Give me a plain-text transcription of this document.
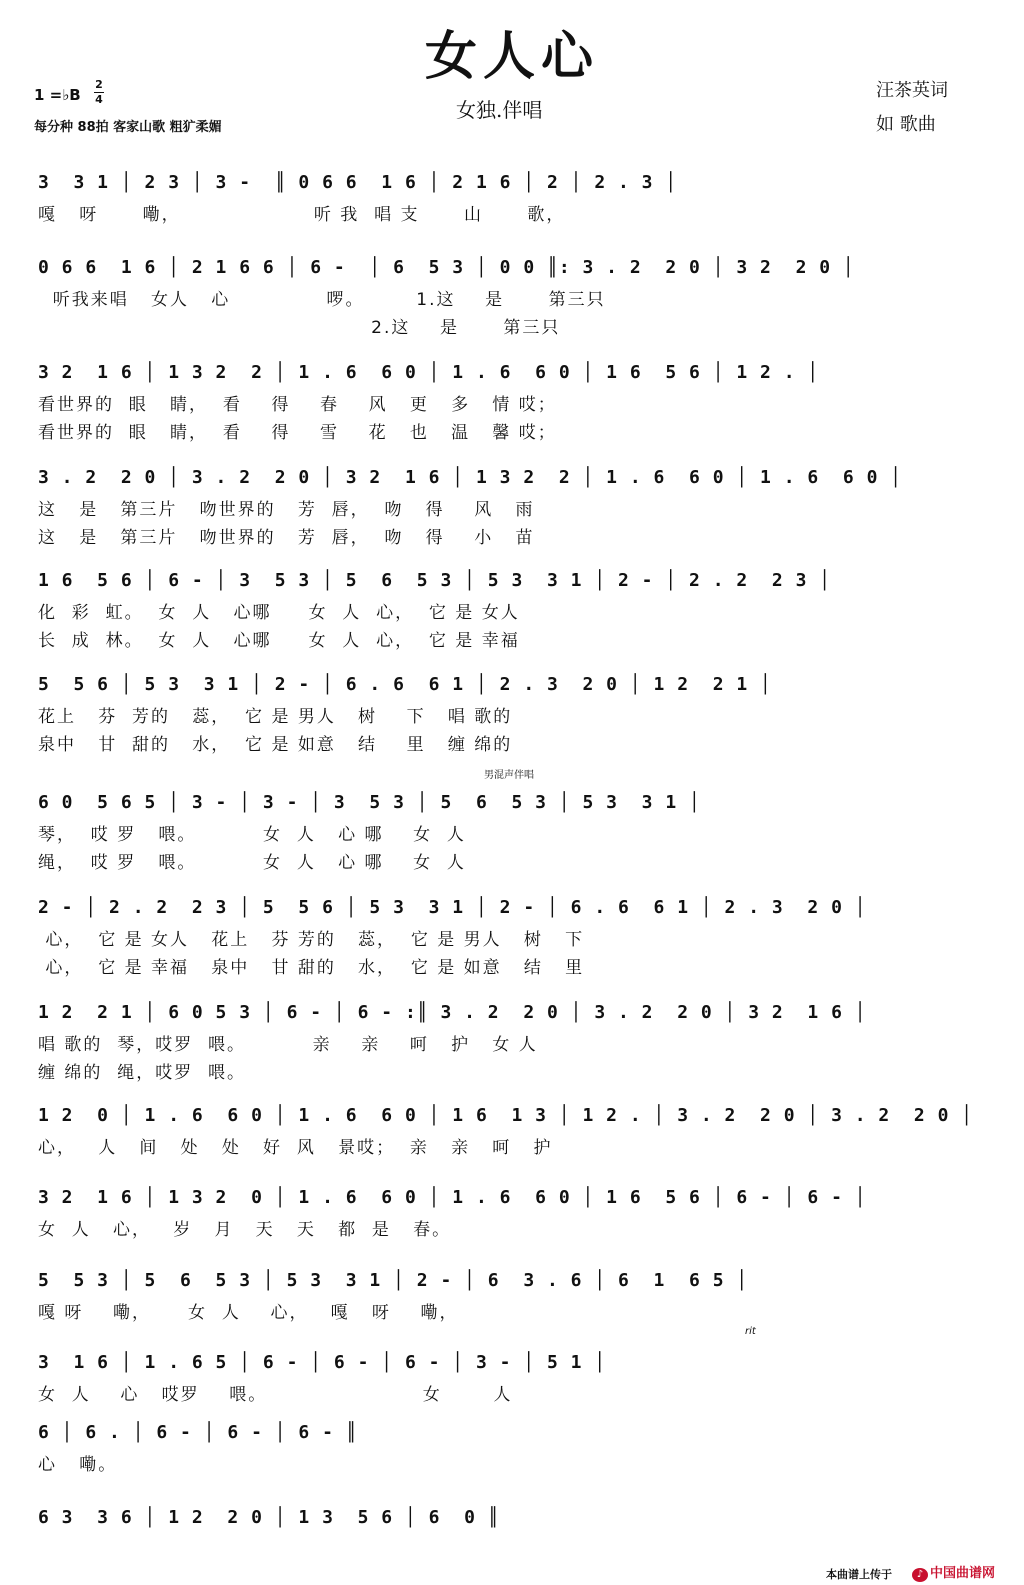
女人心
女独.伴唱
1 =♭B
2
4
每分种 88拍 客家山歌 粗犷柔媚
汪茶英词
如 歌曲
3  3 1 │ 2 3 │ 3 -  ║ 0 6 6  1 6 │ 2 1 6 │ 2 │ 2 . 3 │
嘎   呀      嘞，                  听 我  唱 支      山      歌，
0 6 6  1 6 │ 2 1 6 6 │ 6 -  │ 6  5 3 │ 0 0 ║: 3 . 2  2 0 │ 3 2  2 0 │
听我来唱   女人   心             啰。       1.这    是      第三只
2.这    是      第三只
3 2  1 6 │ 1 3 2  2 │ 1 . 6  6 0 │ 1 . 6  6 0 │ 1 6  5 6 │ 1 2 . │
看世界的  眼   睛，  看    得    春    风   更   多   情 哎；
看世界的  眼   睛，  看    得    雪    花   也   温   馨 哎；
3 . 2  2 0 │ 3 . 2  2 0 │ 3 2  1 6 │ 1 3 2  2 │ 1 . 6  6 0 │ 1 . 6  6 0 │
这   是   第三片   吻世界的   芳  唇，  吻   得    风   雨
这   是   第三片   吻世界的   芳  唇，  吻   得    小   苗
1 6  5 6 │ 6 - │ 3  5 3 │ 5  6  5 3 │ 5 3  3 1 │ 2 - │ 2 . 2  2 3 │
化  彩  虹。  女  人   心哪     女  人  心，  它 是 女人
长  成  林。  女  人   心哪     女  人  心，  它 是 幸福
5  5 6 │ 5 3  3 1 │ 2 - │ 6 . 6  6 1 │ 2 . 3  2 0 │ 1 2  2 1 │
花上   芬  芳的   蕊，  它 是 男人   树    下   唱 歌的
泉中   甘  甜的   水，  它 是 如意   结    里   缠 绵的
6 0  5 6 5 │ 3 - │ 3 - │ 3  5 3 │ 5  6  5 3 │ 5 3  3 1 │
琴，  哎 罗   喂。         女  人   心 哪    女  人
绳，  哎 罗   喂。         女  人   心 哪    女  人
男混声伴唱
2 - │ 2 . 2  2 3 │ 5  5 6 │ 5 3  3 1 │ 2 - │ 6 . 6  6 1 │ 2 . 3  2 0 │
心，  它 是 女人   花上   芬 芳的   蕊，  它 是 男人   树   下
心，  它 是 幸福   泉中   甘 甜的   水，  它 是 如意   结   里
1 2  2 1 │ 6 0 5 3 │ 6 - │ 6 - :║ 3 . 2  2 0 │ 3 . 2  2 0 │ 3 2  1 6 │
唱 歌的  琴，哎罗  喂。         亲    亲    呵   护   女 人
缠 绵的  绳，哎罗  喂。
1 2  0 │ 1 . 6  6 0 │ 1 . 6  6 0 │ 1 6  1 3 │ 1 2 . │ 3 . 2  2 0 │ 3 . 2  2 0 │
心，   人   间   处   处   好  风   景哎；  亲   亲   呵   护
3 2  1 6 │ 1 3 2  0 │ 1 . 6  6 0 │ 1 . 6  6 0 │ 1 6  5 6 │ 6 - │ 6 - │
女  人   心，   岁   月   天   天   都  是   春。
5  5 3 │ 5  6  5 3 │ 5 3  3 1 │ 2 - │ 6  3 . 6 │ 6  1  6 5 │
嘎 呀    嘞，     女  人    心，   嘎   呀    嘞，
3  1 6 │ 1 . 6 5 │ 6 - │ 6 - │ 6 - │ 3 - │ 5 1 │
女  人    心   哎罗    喂。                     女       人
rit
6 │ 6 . │ 6 - │ 6 - │ 6 - ║
心   嘞。
6 3  3 6 │ 1 2  2 0 │ 1 3  5 6 │ 6  0 ║
本曲谱上传于	♪ 中国曲谱网
